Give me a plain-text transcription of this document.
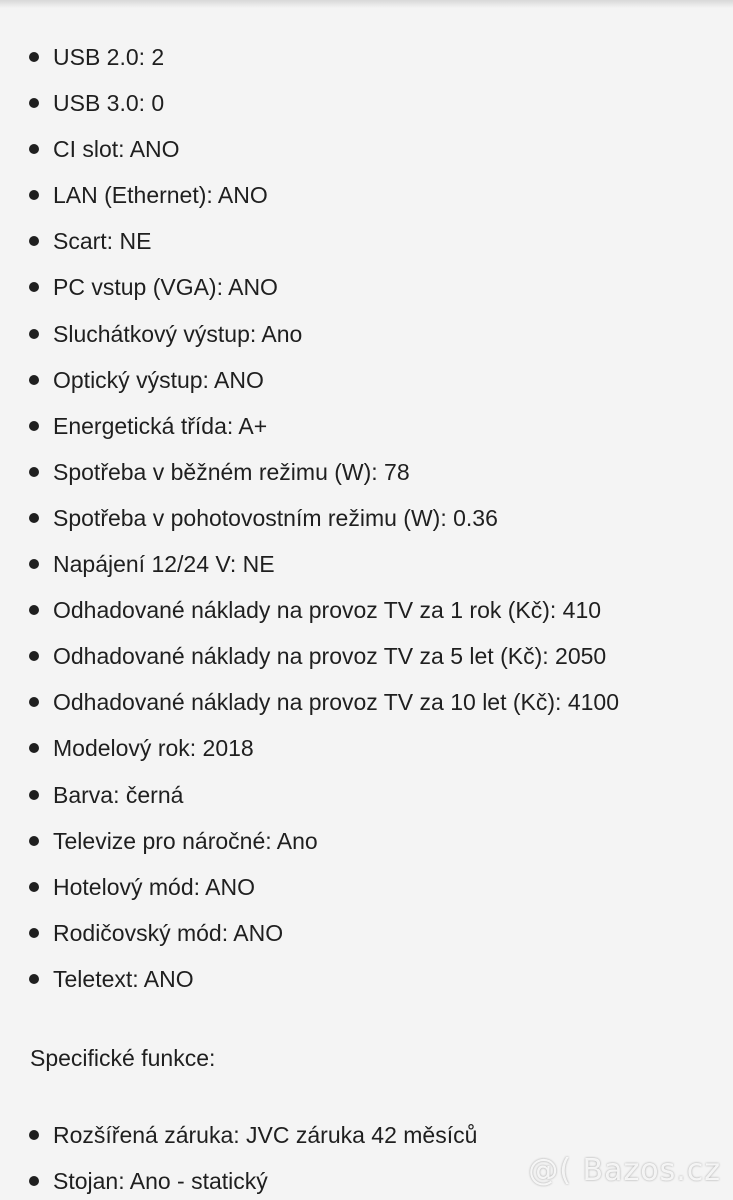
USB 2.0: 2
USB 3.0: 0
CI slot: ANO
LAN (Ethernet): ANO
Scart: NE
PC vstup (VGA): ANO
Sluchátkový výstup: Ano
Optický výstup: ANO
Energetická třída: A+
Spotřeba v běžném režimu (W): 78
Spotřeba v pohotovostním režimu (W): 0.36
Napájení 12/24 V: NE
Odhadované náklady na provoz TV za 1 rok (Kč): 410
Odhadované náklady na provoz TV za 5 let (Kč): 2050
Odhadované náklady na provoz TV za 10 let (Kč): 4100
Modelový rok: 2018
Barva: černá
Televize pro náročné: Ano
Hotelový mód: ANO
Rodičovský mód: ANO
Teletext: ANO
Specifické funkce:
Rozšířená záruka: JVC záruka 42 měsíců
Stojan: Ano - statický	@( Bazos.cz
